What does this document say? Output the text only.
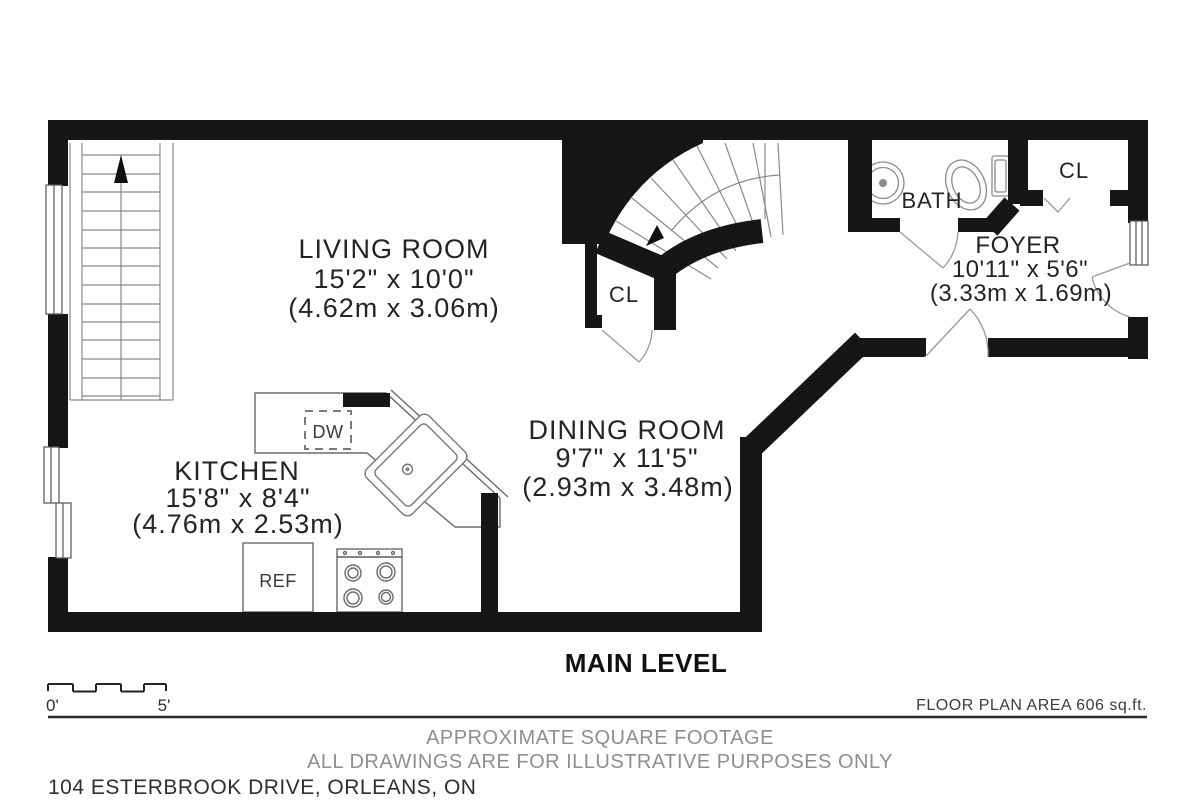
LIVING ROOM
15'2" x 10'0"
(4.62m x 3.06m)
KITCHEN
15'8" x 8'4"
(4.76m x 2.53m)
DINING ROOM
9'7" x 11'5"
(2.93m x 3.48m)
FOYER
10'11" x 5'6"
(3.33m x 1.69m)
BATH
CL
CL
DW
REF
MAIN LEVEL
0'	5'	FLOOR PLAN AREA 606 sq.ft.
APPROXIMATE SQUARE FOOTAGE
ALL DRAWINGS ARE FOR ILLUSTRATIVE PURPOSES ONLY
104 ESTERBROOK DRIVE, ORLEANS, ON
